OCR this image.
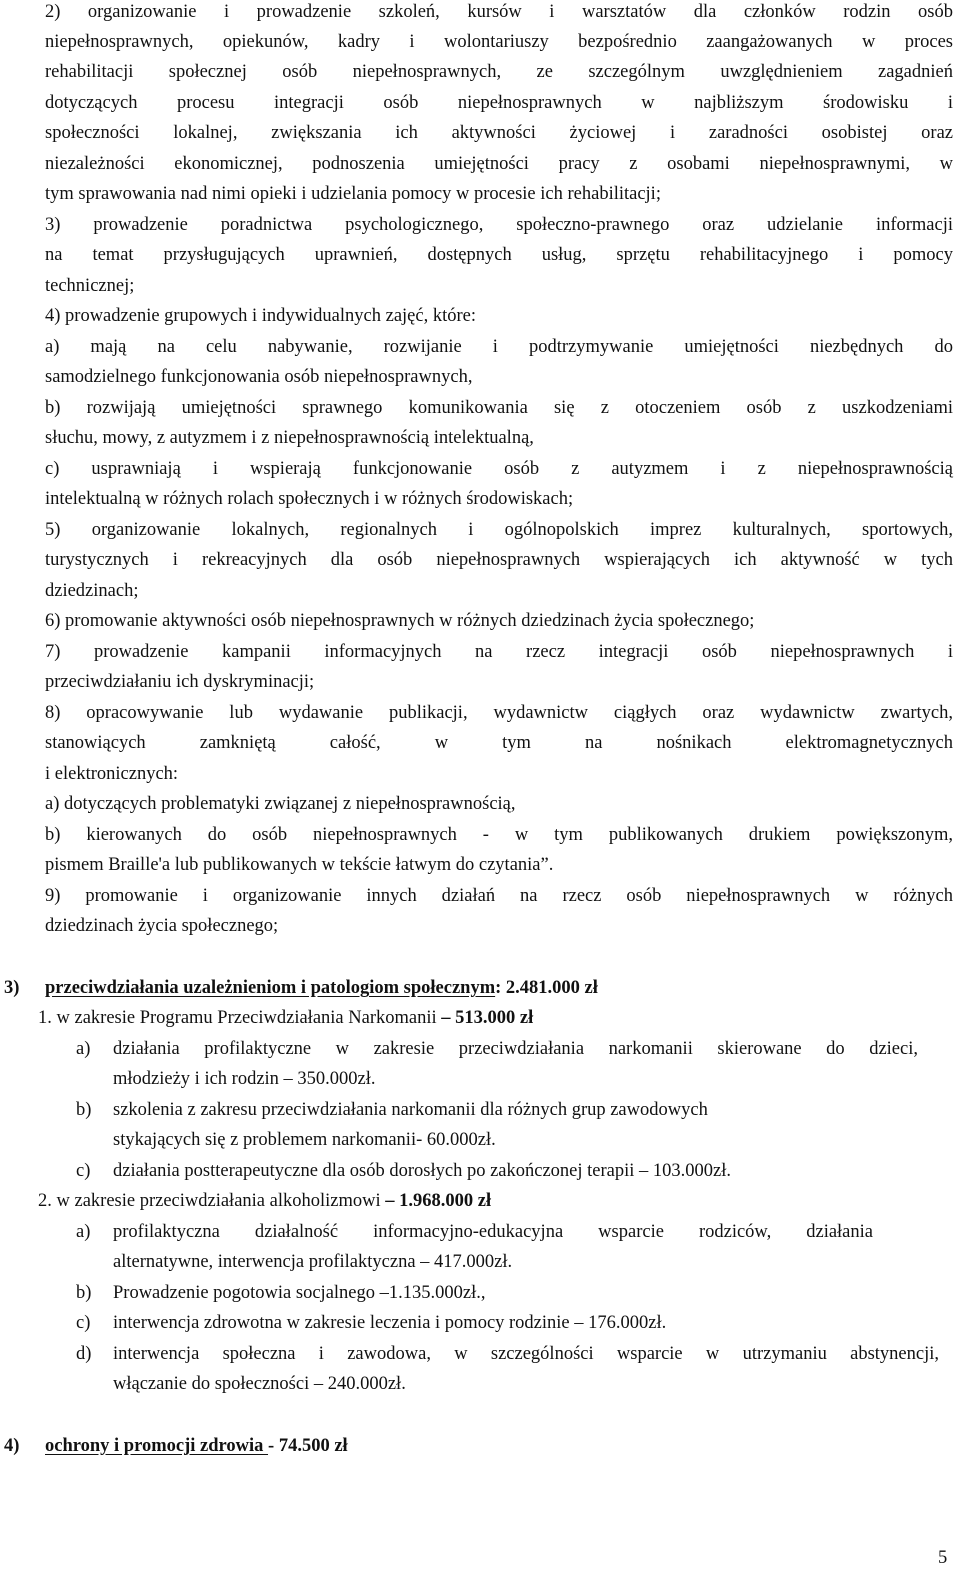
2) organizowanie i prowadzenie szkoleń, kursów i warsztatów dla członków rodzin osób
niepełnosprawnych, opiekunów, kadry i wolontariuszy bezpośrednio zaangażowanych w proces
rehabilitacji społecznej osób niepełnosprawnych, ze szczególnym uwzględnieniem zagadnień
dotyczących procesu integracji osób niepełnosprawnych w najbliższym środowisku i
społeczności lokalnej, zwiększania ich aktywności życiowej i zaradności osobistej oraz
niezależności ekonomicznej, podnoszenia umiejętności pracy z osobami niepełnosprawnymi, w
tym sprawowania nad nimi opieki i udzielania pomocy w procesie ich rehabilitacji;
3) prowadzenie poradnictwa psychologicznego, społeczno-prawnego oraz udzielanie informacji
na temat przysługujących uprawnień, dostępnych usług, sprzętu rehabilitacyjnego i pomocy
technicznej;
4) prowadzenie grupowych i indywidualnych zajęć, które:
a) mają na celu nabywanie, rozwijanie i podtrzymywanie umiejętności niezbędnych do
samodzielnego funkcjonowania osób niepełnosprawnych,
b) rozwijają umiejętności sprawnego komunikowania się z otoczeniem osób z uszkodzeniami
słuchu, mowy, z autyzmem i z niepełnosprawnością intelektualną,
c) usprawniają i wspierają funkcjonowanie osób z autyzmem i z niepełnosprawnością
intelektualną w różnych rolach społecznych i w różnych środowiskach;
5) organizowanie lokalnych, regionalnych i ogólnopolskich imprez kulturalnych, sportowych,
turystycznych i rekreacyjnych dla osób niepełnosprawnych wspierających ich aktywność w tych
dziedzinach;
6) promowanie aktywności osób niepełnosprawnych w różnych dziedzinach życia społecznego;
7) prowadzenie kampanii informacyjnych na rzecz integracji osób niepełnosprawnych i
przeciwdziałaniu ich dyskryminacji;
8) opracowywanie lub wydawanie publikacji, wydawnictw ciągłych oraz wydawnictw zwartych,
stanowiących zamkniętą całość, w tym na nośnikach elektromagnetycznych
i elektronicznych:
a) dotyczących problematyki związanej z niepełnosprawnością,
b) kierowanych do osób niepełnosprawnych - w tym publikowanych drukiem powiększonym,
pismem Braille'a lub publikowanych w tekście łatwym do czytania”.
9) promowanie i organizowanie innych działań na rzecz osób niepełnosprawnych w różnych
dziedzinach życia społecznego;
3) przeciwdziałania uzależnieniom i patologiom społecznym: 2.481.000 zł
1. w zakresie Programu Przeciwdziałania Narkomanii – 513.000 zł
a) działania profilaktyczne w zakresie przeciwdziałania narkomanii skierowane do dzieci,
młodzieży i ich rodzin – 350.000zł.
b) szkolenia z zakresu przeciwdziałania narkomanii dla różnych grup zawodowych
stykających się z problemem narkomanii- 60.000zł.
c) działania postterapeutyczne dla osób dorosłych po zakończonej terapii – 103.000zł.
2. w zakresie przeciwdziałania alkoholizmowi – 1.968.000 zł
a) profilaktyczna działalność informacyjno-edukacyjna wsparcie rodziców, działania
alternatywne, interwencja profilaktyczna – 417.000zł.
b) Prowadzenie pogotowia socjalnego –1.135.000zł.,
c) interwencja zdrowotna w zakresie leczenia i pomocy rodzinie – 176.000zł.
d) interwencja społeczna i zawodowa, w szczególności wsparcie w utrzymaniu abstynencji,
włączanie do społeczności – 240.000zł.
4) ochrony i promocji zdrowia - 74.500 zł
5
